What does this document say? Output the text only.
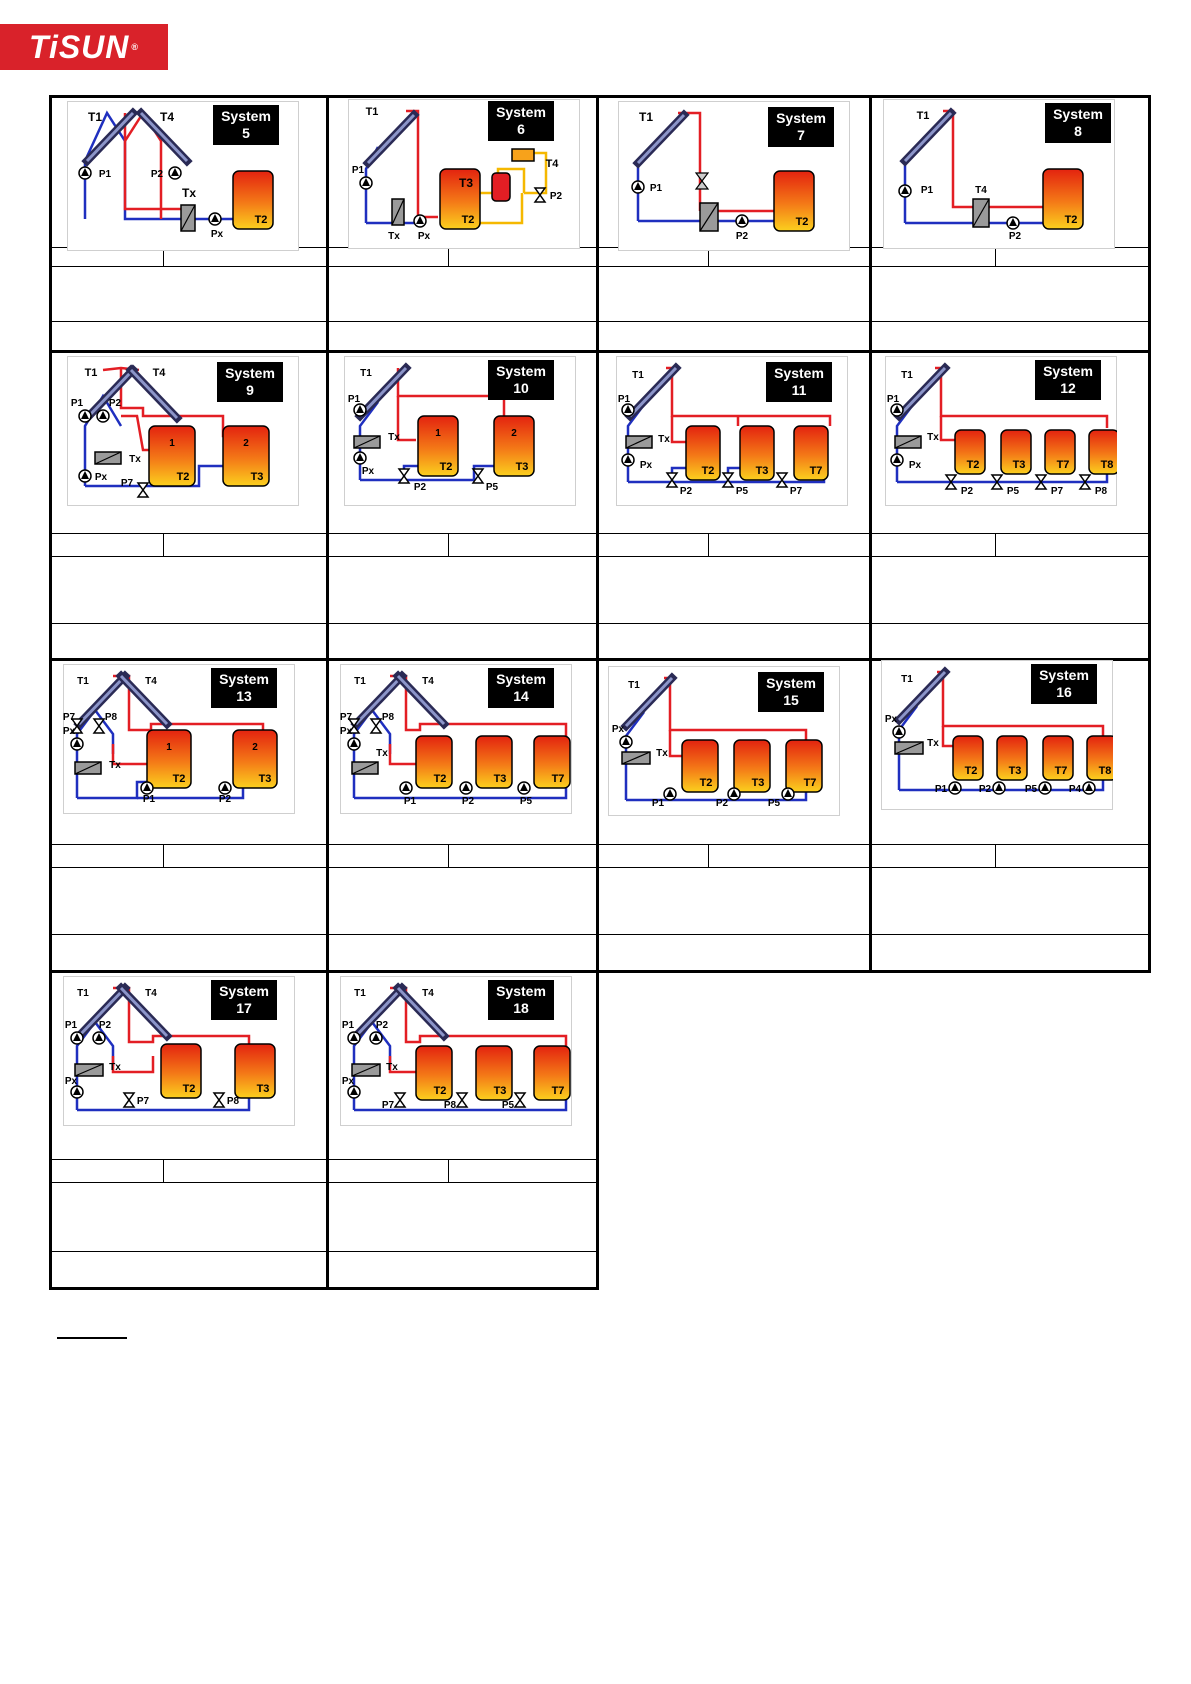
TiSUN ®
T1	T4
P1	P2
Tx
Px
T2
System
5
T1
P1
T2
T3
Tx Px
T4
P2
System
6
T1
P1
P2
T2
System
7
T1
P1	T4
P2
T2
System
8
T1	T4
P1	P2
Tx
Px
P7
1
T2
2
T3
System
9
T1
P1
Tx
Px
1
T2
P2
2
T3
P5
System
10
T1
P1
Tx
Px	T2
P2
T3
P5
T7
P7
System
11
T1
P1
Tx
Px	T2
P2
T3
P5
T7
P7
T8
P8
System
12
T1	T4
P7	P8
Px
Tx
1
T2
P1
2
T3
P2
System
13
T1	T4
P7	P8
Px
Tx
T2
P1
T3
P2
T7
P5
System
14
T1
Px
Tx
T2
P1
T3
P2
T7
P5
System
15
T1
Px
Tx
T2
P1
T3
P2
T7
P5
T8
P4
System
16
T1	T4
P1 P2
Tx
Px
T2
P7
T3
P8
System
17
T1	T4
P1 P2
Tx
Px
T2
P7
T3
P8
T7
P5
System
18
